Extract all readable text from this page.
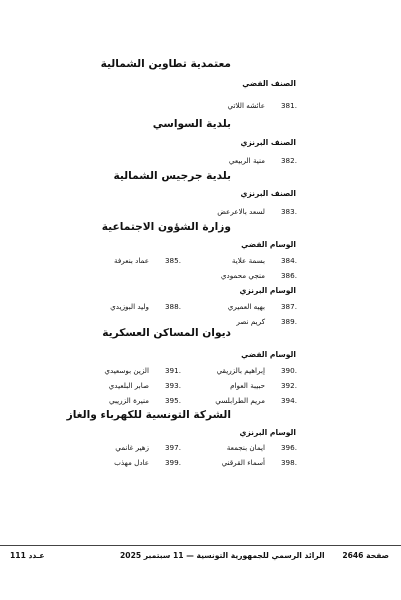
معتمدية تطاوين الشمالية
بلدية السواسي
بلدية جرجيس الشمالية
وزارة الشؤون الاجتماعية
ديوان المساكن العسكرية
الشركة التونسية للكهرباء والغاز
الصنف الفضي
الصنف البرنزي
الصنف البرنزي
الوسام الفضي
الوسام البرنزي
الوسام الفضي
الوسام البرنزي
381.
عائشه اللاتي
382.
منية الربيعي
383.
لسعد بالاعرعض
384.
بسمة علاية
386.
منجي محمودي
387.
بهيه العميري
389.
كريم نصر
390.
إبراهيم بالزريقي
392.
حبيبة العوام
394.
مريم الطرابلسي
396.
ايمان بنجمعة
398.
أسماء القرقني
385.
عماد بنعرفة
388.
وليد البوزيدي
391.
الزين بوسعيدي
393.
صابر البلعيدي
395.
منيرة الزريبي
397.
زهير غانمي
399.
عادل مهذب
صفحة 2646
الرائد الرسمي للجمهورية التونسية — 11 سبتمبر 2025
عـدد 111
